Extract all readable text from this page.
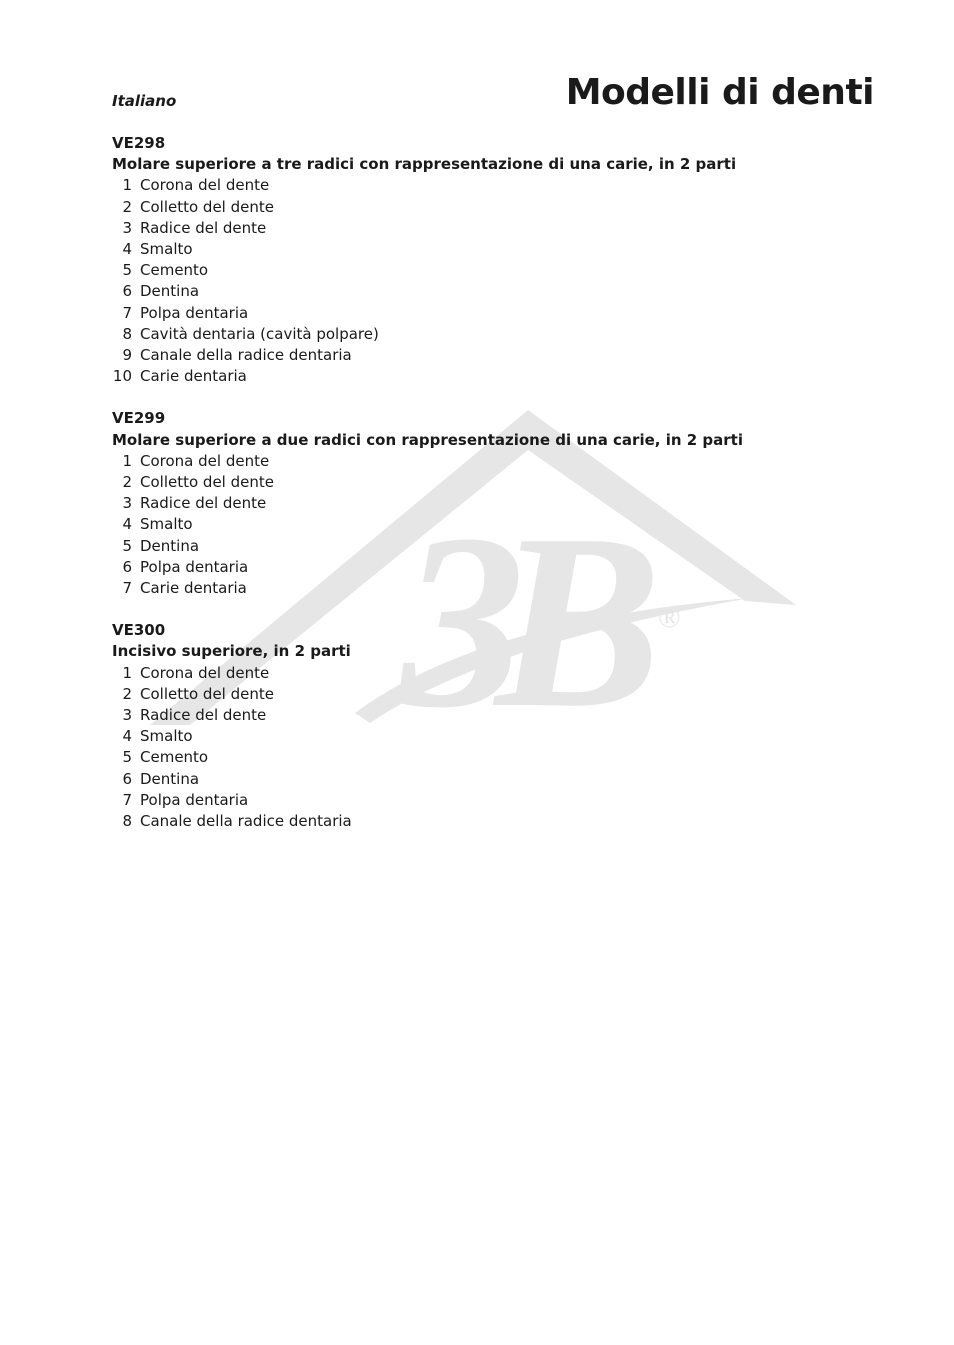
3B ®
Italiano	Modelli di denti
VE298
Molare superiore a tre radici con rappresentazione di una carie, in 2 parti
1 Corona del dente
2 Colletto del dente
3 Radice del dente
4 Smalto
5 Cemento
6 Dentina
7 Polpa dentaria
8 Cavità dentaria (cavità polpare)
9 Canale della radice dentaria
10 Carie dentaria
VE299
Molare superiore a due radici con rappresentazione di una carie, in 2 parti
1 Corona del dente
2 Colletto del dente
3 Radice del dente
4 Smalto
5 Dentina
6 Polpa dentaria
7 Carie dentaria
VE300
Incisivo superiore, in 2 parti
1 Corona del dente
2 Colletto del dente
3 Radice del dente
4 Smalto
5 Cemento
6 Dentina
7 Polpa dentaria
8 Canale della radice dentaria
